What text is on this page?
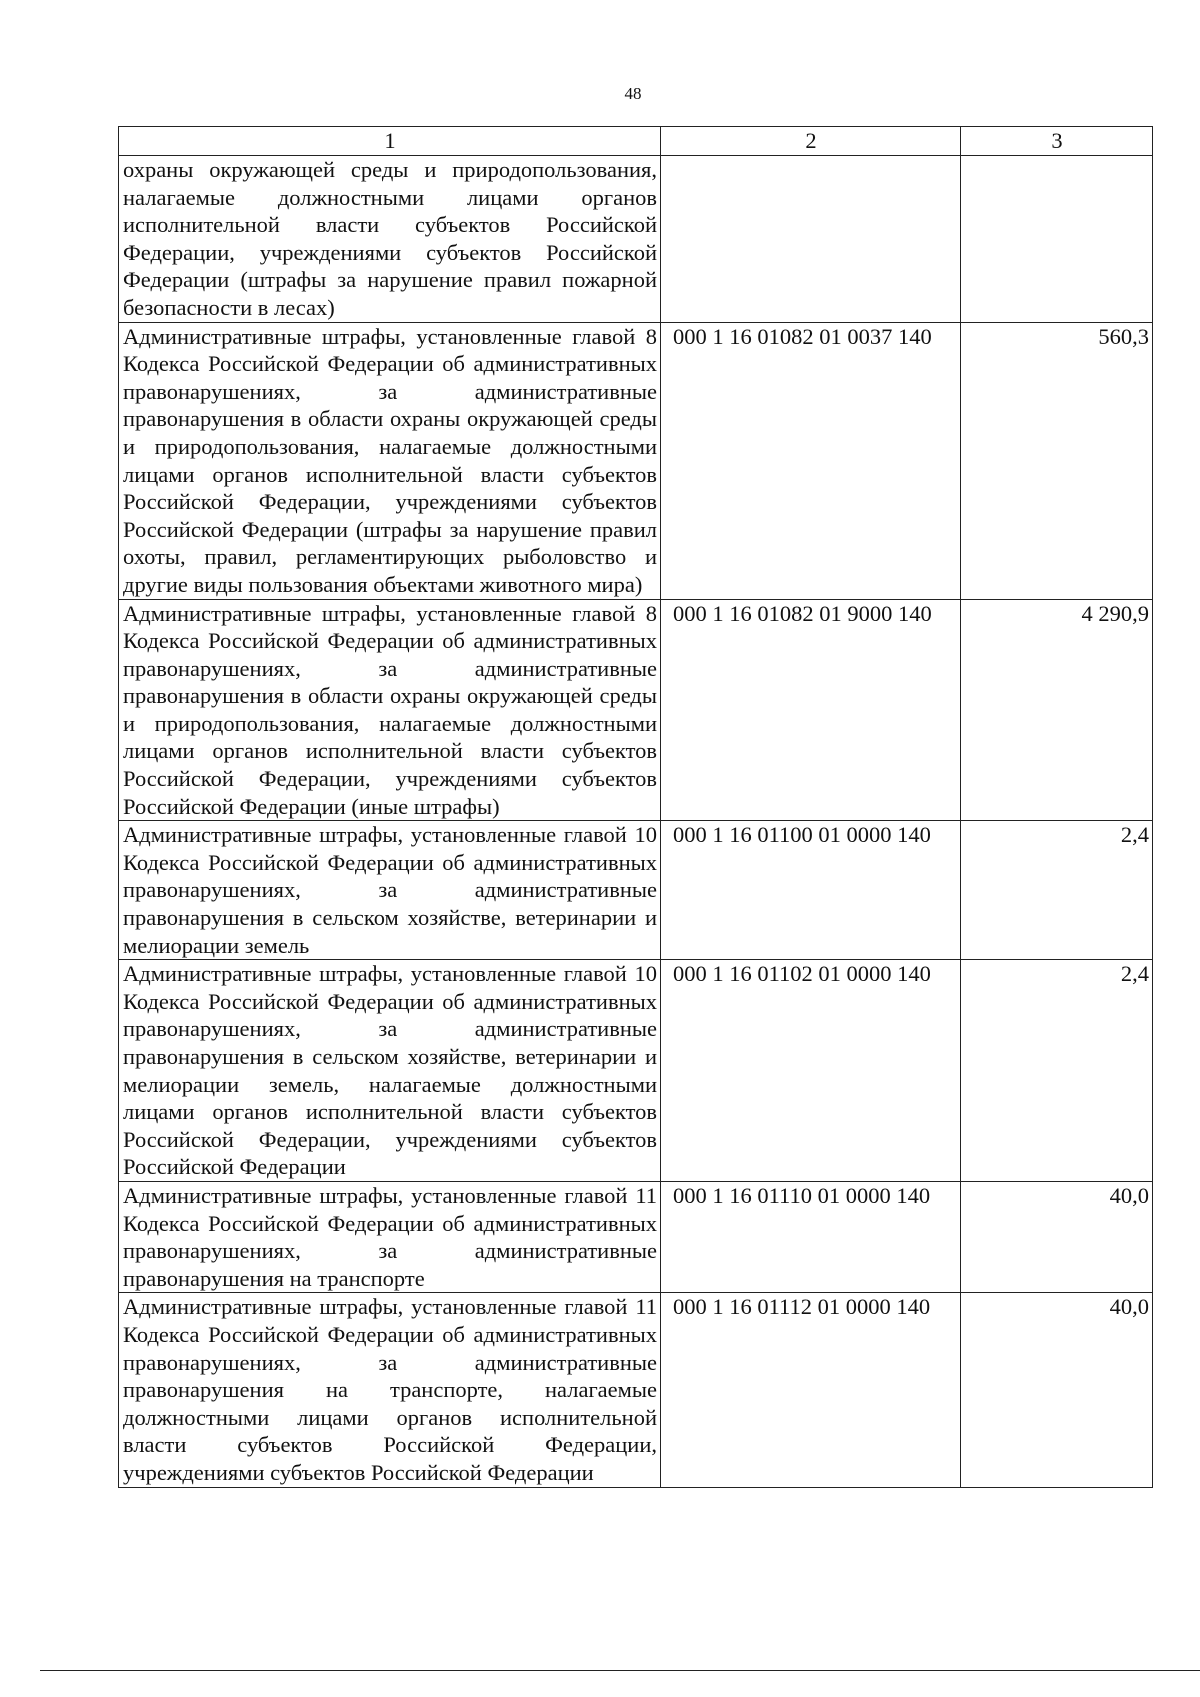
48
1	2	3
охраны окружающей среды и природопользования, налагаемые должностными лицами органов исполнительной власти субъектов Российской Федерации, учреждениями субъектов Российской Федерации (штрафы за нарушение правил пожарной безопасности в лесах)		
Административные штрафы, установленные главой 8 Кодекса Российской Федерации об административных правонарушениях, за административные правонарушения в области охраны окружающей среды и природопользования, налагаемые должностными лицами органов исполнительной власти субъектов Российской Федерации, учреждениями субъектов Российской Федерации (штрафы за нарушение правил охоты, правил, регламентирующих рыболовство и другие виды пользования объектами животного мира)	000 1 16 01082 01 0037 140	560,3
Административные штрафы, установленные главой 8 Кодекса Российской Федерации об административных правонарушениях, за административные правонарушения в области охраны окружающей среды и природопользования, налагаемые должностными лицами органов исполнительной власти субъектов Российской Федерации, учреждениями субъектов Российской Федерации (иные штрафы)	000 1 16 01082 01 9000 140	4 290,9
Административные штрафы, установленные главой 10 Кодекса Российской Федерации об административных правонарушениях, за административные правонарушения в сельском хозяйстве, ветеринарии и мелиорации земель	000 1 16 01100 01 0000 140	2,4
Административные штрафы, установленные главой 10 Кодекса Российской Федерации об административных правонарушениях, за административные правонарушения в сельском хозяйстве, ветеринарии и мелиорации земель, налагаемые должностными лицами органов исполнительной власти субъектов Российской Федерации, учреждениями субъектов Российской Федерации	000 1 16 01102 01 0000 140	2,4
Административные штрафы, установленные главой 11 Кодекса Российской Федерации об административных правонарушениях, за административные правонарушения на транспорте	000 1 16 01110 01 0000 140	40,0
Административные штрафы, установленные главой 11 Кодекса Российской Федерации об административных правонарушениях, за административные правонарушения на транспорте, налагаемые должностными лицами органов исполнительной власти субъектов Российской Федерации, учреждениями субъектов Российской Федерации	000 1 16 01112 01 0000 140	40,0
